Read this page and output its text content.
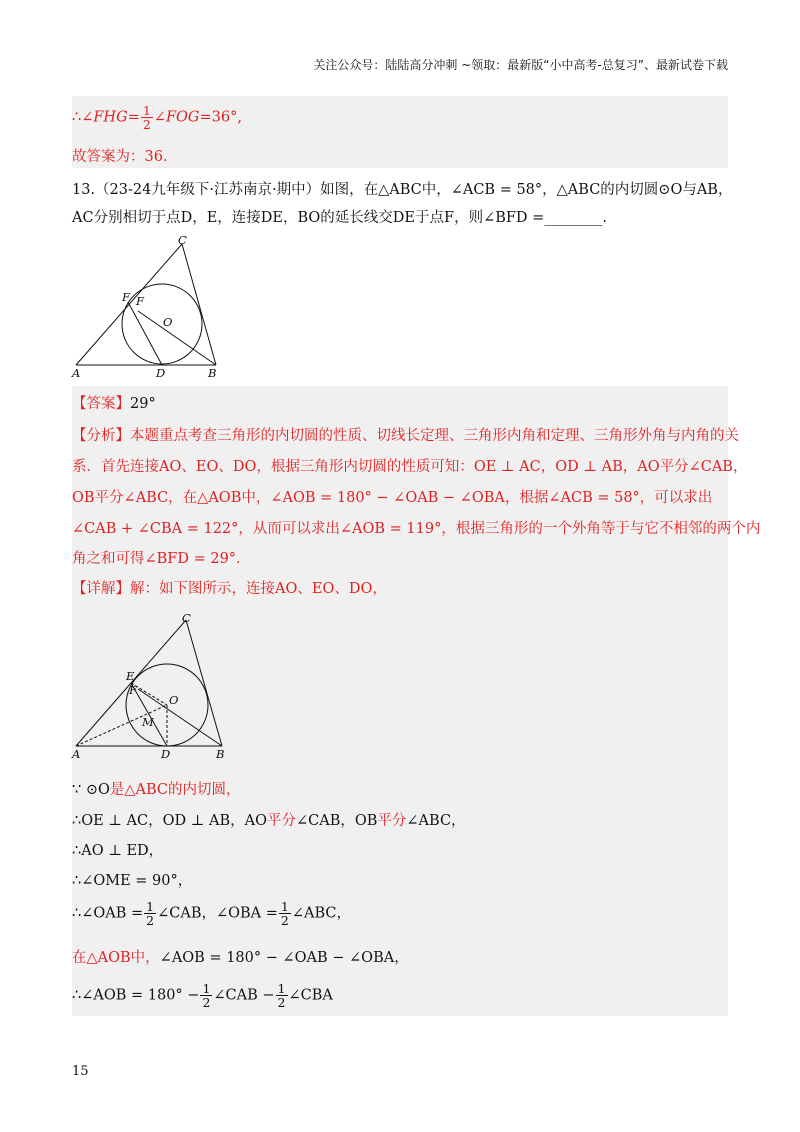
关注公众号：陆陆高分冲刺 ~领取：最新版“小中高考-总复习”、最新试卷下载
∴∠FHG= $\frac{1}{2}$ ∠FOG=36°,
故答案为：36．
13.（23-24九年级下·江苏南京·期中）如图，在△ABC中，∠ACB = 58°，△ABC的内切圆⊙O与AB，
AC分别相切于点D，E，连接DE，BO的延长线交DE于点F，则∠BFD =________.
C
F F
O
A	D	B
【答案】29°
【分析】本题重点考查三角形的内切圆的性质、切线长定理、三角形内角和定理、三角形外角与内角的关
系．首先连接AO、EO、DO，根据三角形内切圆的性质可知：OE ⊥ AC，OD ⊥ AB，AO平分∠CAB，
OB平分∠ABC，在△AOB中，∠AOB = 180° − ∠OAB − ∠OBA，根据∠ACB = 58°，可以求出
∠CAB + ∠CBA = 122°，从而可以求出∠AOB = 119°，根据三角形的一个外角等于与它不相邻的两个内
角之和可得∠BFD = 29°．
【详解】解：如下图所示，连接AO、EO、DO，
C
E
F
O
M
A	D	B
∵ ⊙O是△ABC的内切圆，
∴OE ⊥ AC，OD ⊥ AB，AO平分∠CAB，OB平分∠ABC，
∴AO ⊥ ED，
∴∠OME = 90°，
∴∠OAB = $\frac{1}{2}$ ∠CAB，∠OBA = $\frac{1}{2}$ ∠ABC，
在△AOB中，∠AOB = 180° − ∠OAB − ∠OBA，
∴∠AOB = $180^\circ - \frac{1}{2}$ ∠CAB − $\frac{1}{2}$ ∠CBA
15
